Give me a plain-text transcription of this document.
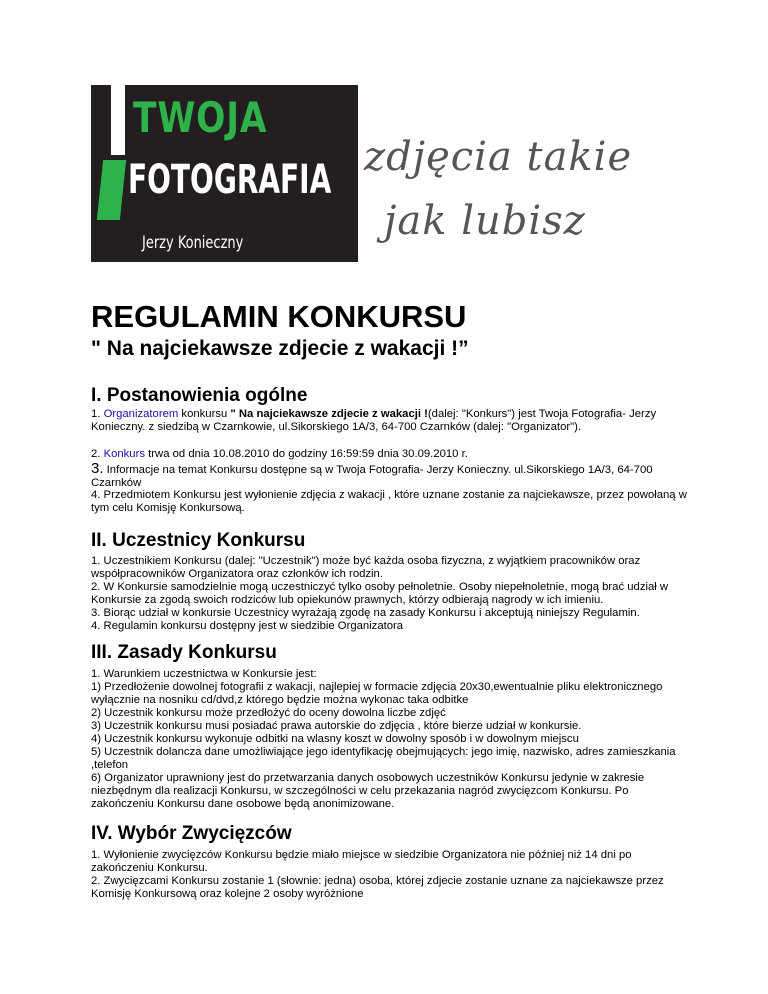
TWOJA
FOTOGRAFIA
Jerzy Konieczny
zdjęcia takie
jak lubisz
REGULAMIN KONKURSU
" Na najciekawsze zdjecie z wakacji !”
I. Postanowienia ogólne

1. Organizatorem konkursu " Na najciekawsze zdjecie z wakacji !(dalej: "Konkurs") jest Twoja Fotografia- Jerzy Konieczny. z siedzibą w Czarnkowie, ul.Sikorskiego 1A/3, 64-700 Czarnków (dalej: "Organizator").

2. Konkurs trwa od dnia 10.08.2010 do godziny 16:59:59 dnia 30.09.2010 r.

3. Informacje na temat Konkursu dostępne są w Twoja Fotografia- Jerzy Konieczny. ul.Sikorskiego 1A/3, 64-700 Czarnków

4. Przedmiotem Konkursu jest wyłonienie zdjęcia z wakacji , które uznane zostanie za najciekawsze, przez powołaną w tym celu Komisję Konkursową.

II. Uczestnicy Konkursu

1. Uczestnikiem Konkursu (dalej: "Uczestnik") może być każda osoba fizyczna, z wyjątkiem pracowników oraz współpracowników Organizatora oraz członków ich rodzin.

2. W Konkursie samodzielnie mogą uczestniczyć tylko osoby pełnoletnie. Osoby niepełnoletnie, mogą brać udział w Konkursie za zgodą swoich rodziców lub opiekunów prawnych, którzy odbierają nagrody w ich imieniu.

3. Biorąc udział w konkursie Uczestnicy wyrażają zgodę na zasady Konkursu i akceptują niniejszy Regulamin.

4. Regulamin konkursu dostępny jest w siedzibie Organizatora

III. Zasady Konkursu

1. Warunkiem uczestnictwa w Konkursie jest:

1) Przedłożenie dowolnej fotografii z wakacji, najlepiej w formacie zdjęcia 20x30,ewentualnie pliku elektronicznego wyłącznie na nosniku cd/dvd,z którego będzie można wykonac taka odbitke

2) Uczestnik konkursu może przedłożyć do oceny dowolna liczbe zdjęć

3) Uczestnik konkursu musi posiadać prawa autorskie do zdjęcia , które bierze udział w konkursie.

4) Uczestnik konkursu wykonuje odbitki na wlasny koszt w dowolny sposób i w dowolnym miejscu

5) Uczestnik dolancza dane umożliwiające jego identyfikację obejmujących: jego imię, nazwisko, adres zamieszkania ,telefon

6) Organizator uprawniony jest do przetwarzania danych osobowych uczestników Konkursu jedynie w zakresie niezbędnym dla realizacji Konkursu, w szczególności w celu przekazania nagród zwycięzcom Konkursu. Po zakończeniu Konkursu dane osobowe będą anonimizowane.

IV. Wybór Zwycięzców

1. Wyłonienie zwycięzców Konkursu będzie miało miejsce w siedzibie Organizatora nie później niż 14 dni po zakończeniu Konkursu.

2. Zwycięzcami Konkursu zostanie 1 (słownie: jedna) osoba, której zdjecie zostanie uznane za najciekawsze przez Komisję Konkursową oraz kolejne 2 osoby wyróżnione
